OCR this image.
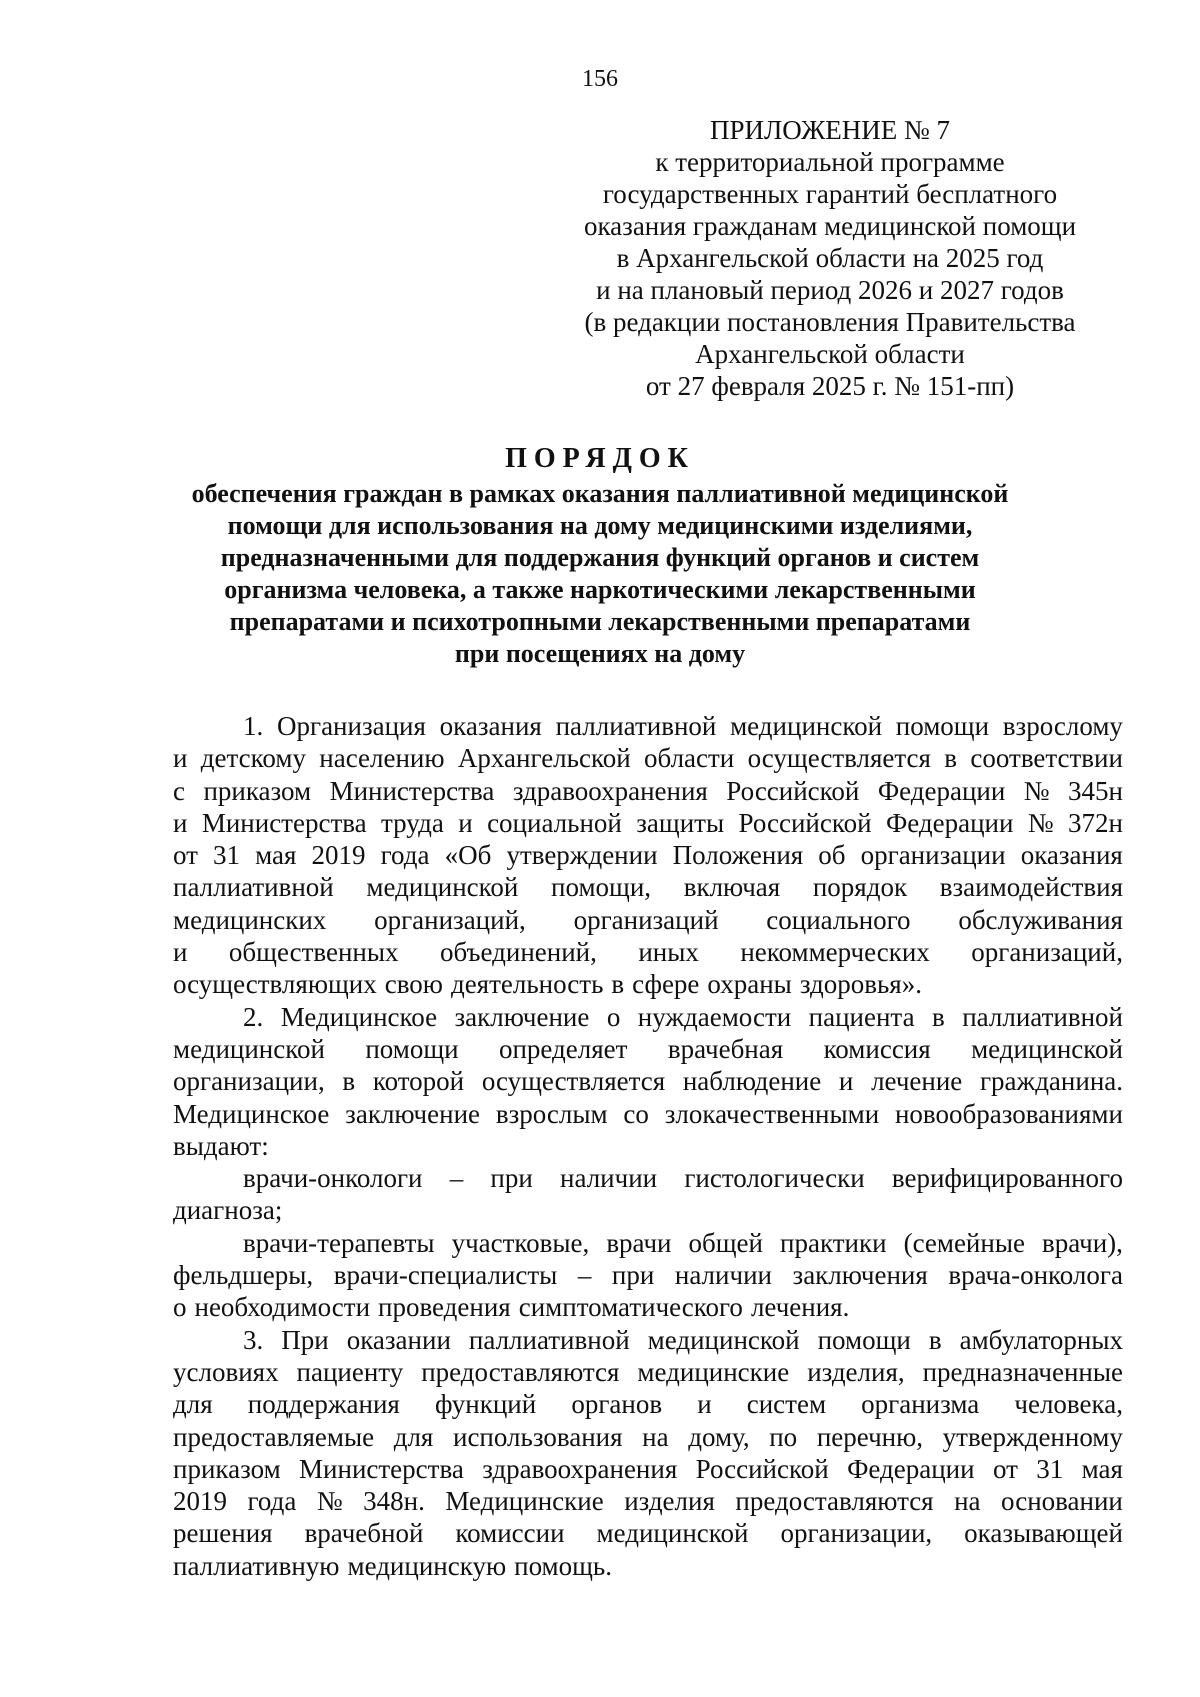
156
ПРИЛОЖЕНИЕ № 7
к территориальной программе
государственных гарантий бесплатного
оказания гражданам медицинской помощи
в Архангельской области на 2025 год
и на плановый период 2026 и 2027 годов
(в редакции постановления Правительства
Архангельской области
от 27 февраля 2025 г. № 151-пп)
ПОРЯДОК
обеспечения граждан в рамках оказания паллиативной медицинской
помощи для использования на дому медицинскими изделиями,
предназначенными для поддержания функций органов и систем
организма человека, а также наркотическими лекарственными
препаратами и психотропными лекарственными препаратами
при посещениях на дому
1. Организация оказания паллиативной медицинской помощи взрослому
и детскому населению Архангельской области осуществляется в соответствии
с приказом Министерства здравоохранения Российской Федерации № 345н
и Министерства труда и социальной защиты Российской Федерации № 372н
от 31 мая 2019 года «Об утверждении Положения об организации оказания
паллиативной медицинской помощи, включая порядок взаимодействия
медицинских организаций, организаций социального обслуживания
и общественных объединений, иных некоммерческих организаций,
осуществляющих свою деятельность в сфере охраны здоровья».
2. Медицинское заключение о нуждаемости пациента в паллиативной
медицинской помощи определяет врачебная комиссия медицинской
организации, в которой осуществляется наблюдение и лечение гражданина.
Медицинское заключение взрослым со злокачественными новообразованиями
выдают:
врачи-онкологи – при наличии гистологически верифицированного
диагноза;
врачи-терапевты участковые, врачи общей практики (семейные врачи),
фельдшеры, врачи-специалисты – при наличии заключения врача-онколога
о необходимости проведения симптоматического лечения.
3. При оказании паллиативной медицинской помощи в амбулаторных
условиях пациенту предоставляются медицинские изделия, предназначенные
для поддержания функций органов и систем организма человека,
предоставляемые для использования на дому, по перечню, утвержденному
приказом Министерства здравоохранения Российской Федерации от 31 мая
2019 года № 348н. Медицинские изделия предоставляются на основании
решения врачебной комиссии медицинской организации, оказывающей
паллиативную медицинскую помощь.
